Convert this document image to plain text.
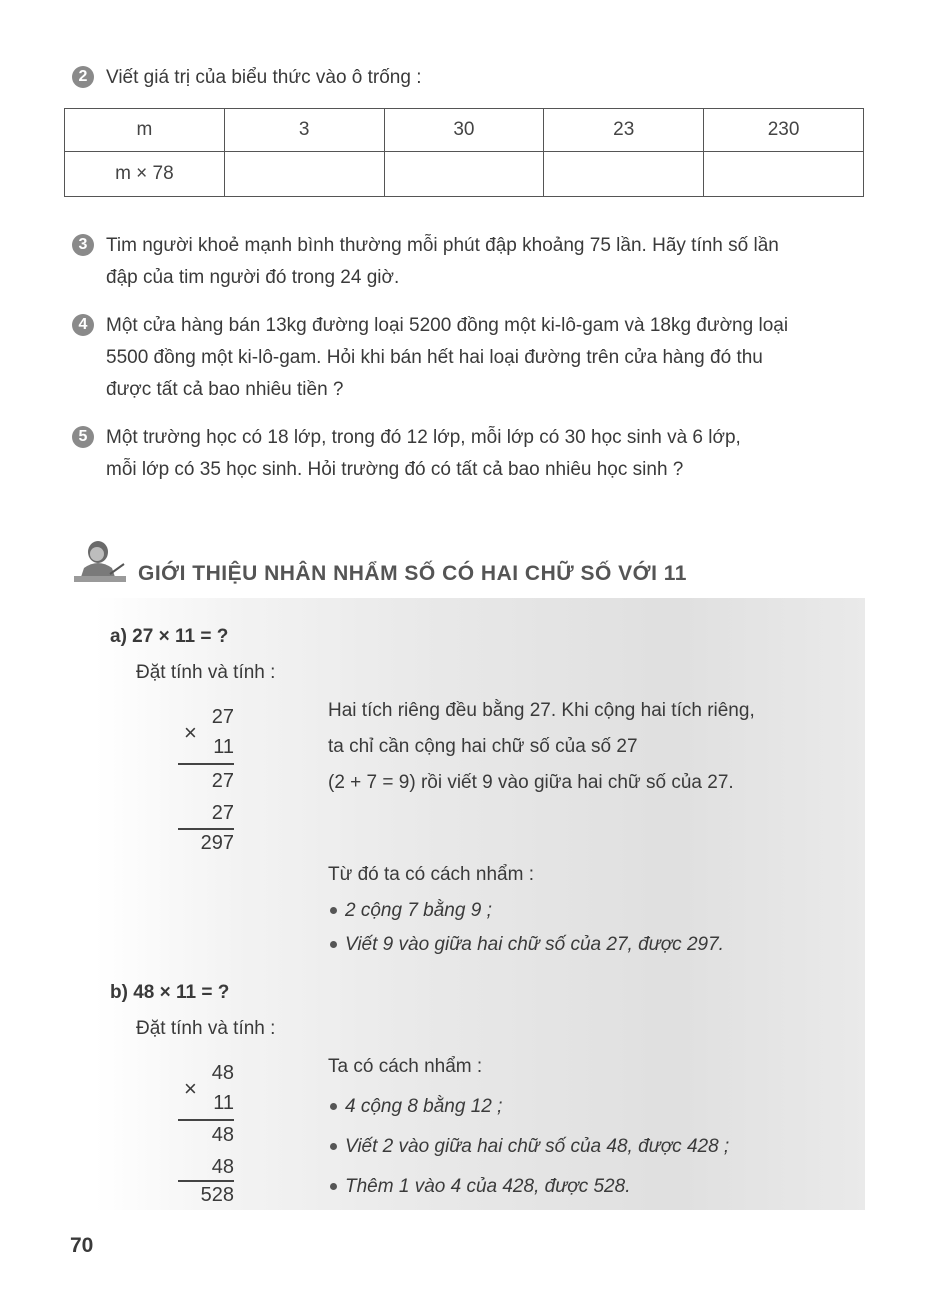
2 Viết giá trị của biểu thức vào ô trống :
m	3	30	23	230
m × 78				
3 Tim người khoẻ mạnh bình thường mỗi phút đập khoảng 75 lần. Hãy tính số lần
đập của tim người đó trong 24 giờ.
4 Một cửa hàng bán 13kg đường loại 5200 đồng một ki-lô-gam và 18kg đường loại
5500 đồng một ki-lô-gam. Hỏi khi bán hết hai loại đường trên cửa hàng đó thu
được tất cả bao nhiêu tiền ?
5 Một trường học có 18 lớp, trong đó 12 lớp, mỗi lớp có 30 học sinh và 6 lớp,
mỗi lớp có 35 học sinh. Hỏi trường đó có tất cả bao nhiêu học sinh ?
GIỚI THIỆU NHÂN NHẨM SỐ CÓ HAI CHỮ SỐ VỚI 11
a) 27 × 11 = ?
Đặt tính và tính :
27
×
11
27
27
297
Hai tích riêng đều bằng 27. Khi cộng hai tích riêng,
ta chỉ cần cộng hai chữ số của số 27
(2 + 7 = 9) rồi viết 9 vào giữa hai chữ số của 27.
Từ đó ta có cách nhẩm :
2 cộng 7 bằng 9 ;
Viết 9 vào giữa hai chữ số của 27, được 297.
b) 48 × 11 = ?
Đặt tính và tính :
48
×
11
48
48
528
Ta có cách nhẩm :
4 cộng 8 bằng 12 ;
Viết 2 vào giữa hai chữ số của 48, được 428 ;
Thêm 1 vào 4 của 428, được 528.
70
